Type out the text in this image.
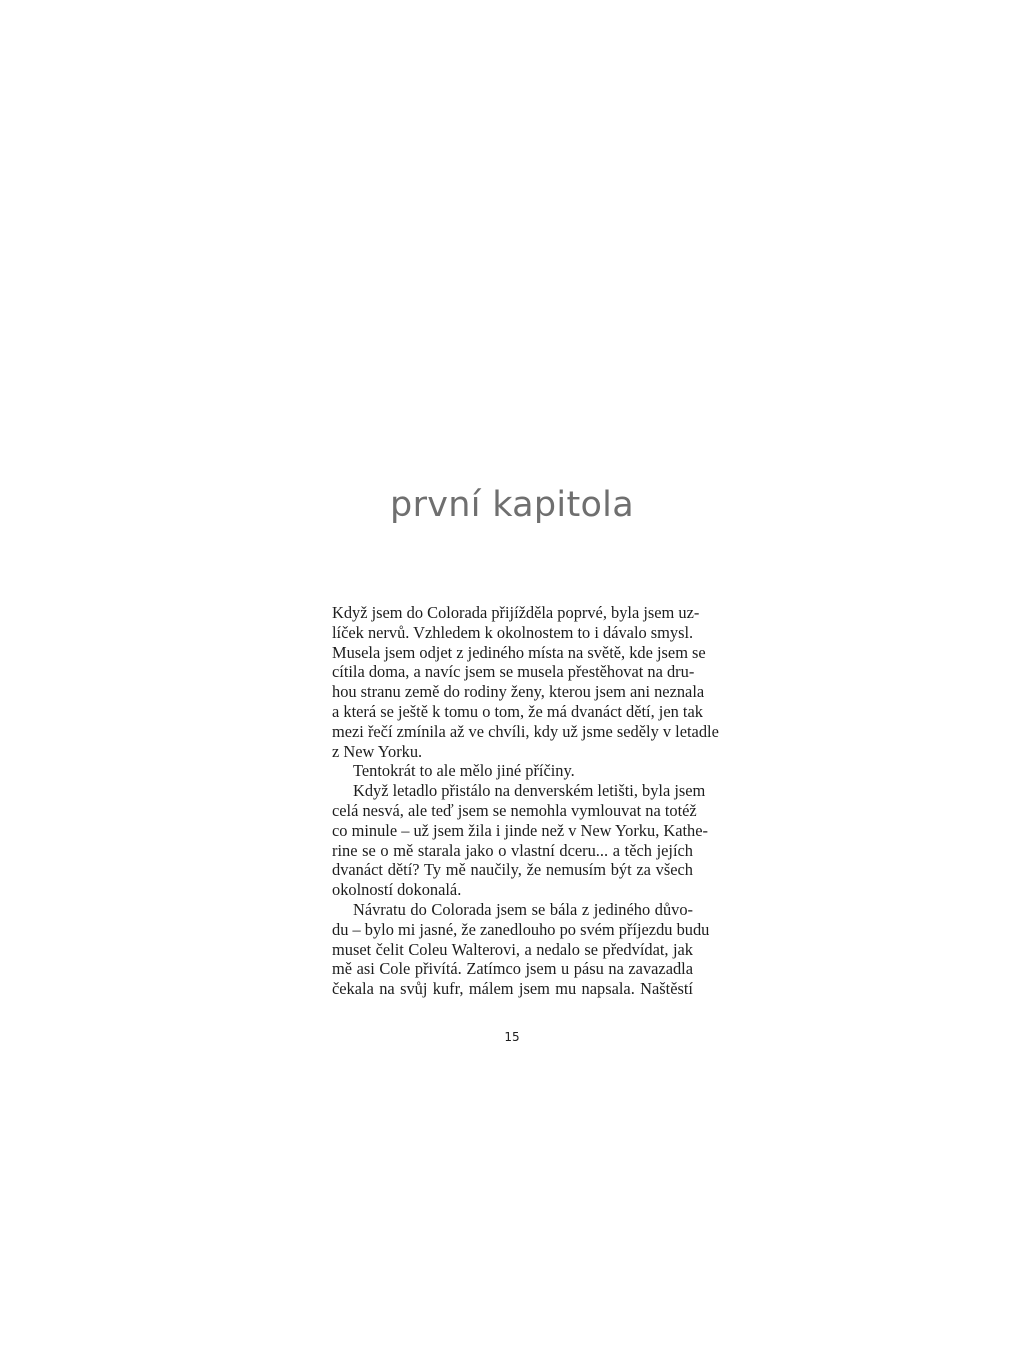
první kapitola
Když jsem do Colorada přijížděla poprvé, byla jsem uz-
líček nervů. Vzhledem k okolnostem to i dávalo smysl.
Musela jsem odjet z jediného místa na světě, kde jsem se
cítila doma, a navíc jsem se musela přestěhovat na dru-
hou stranu země do rodiny ženy, kterou jsem ani neznala
a která se ještě k tomu o tom, že má dvanáct dětí, jen tak
mezi řečí zmínila až ve chvíli, kdy už jsme seděly v letadle
z New Yorku.
Tentokrát to ale mělo jiné příčiny.
Když letadlo přistálo na denverském letišti, byla jsem
celá nesvá, ale teď jsem se nemohla vymlouvat na totéž
co minule – už jsem žila i jinde než v New Yorku, Kathe-
rine se o mě starala jako o vlastní dceru... a těch jejích
dvanáct dětí? Ty mě naučily, že nemusím být za všech
okolností dokonalá.
Návratu do Colorada jsem se bála z jediného důvo-
du – bylo mi jasné, že zanedlouho po svém příjezdu budu
muset čelit Coleu Walterovi, a nedalo se předvídat, jak
mě asi Cole přivítá. Zatímco jsem u pásu na zavazadla
čekala na svůj kufr, málem jsem mu napsala. Naštěstí
15
